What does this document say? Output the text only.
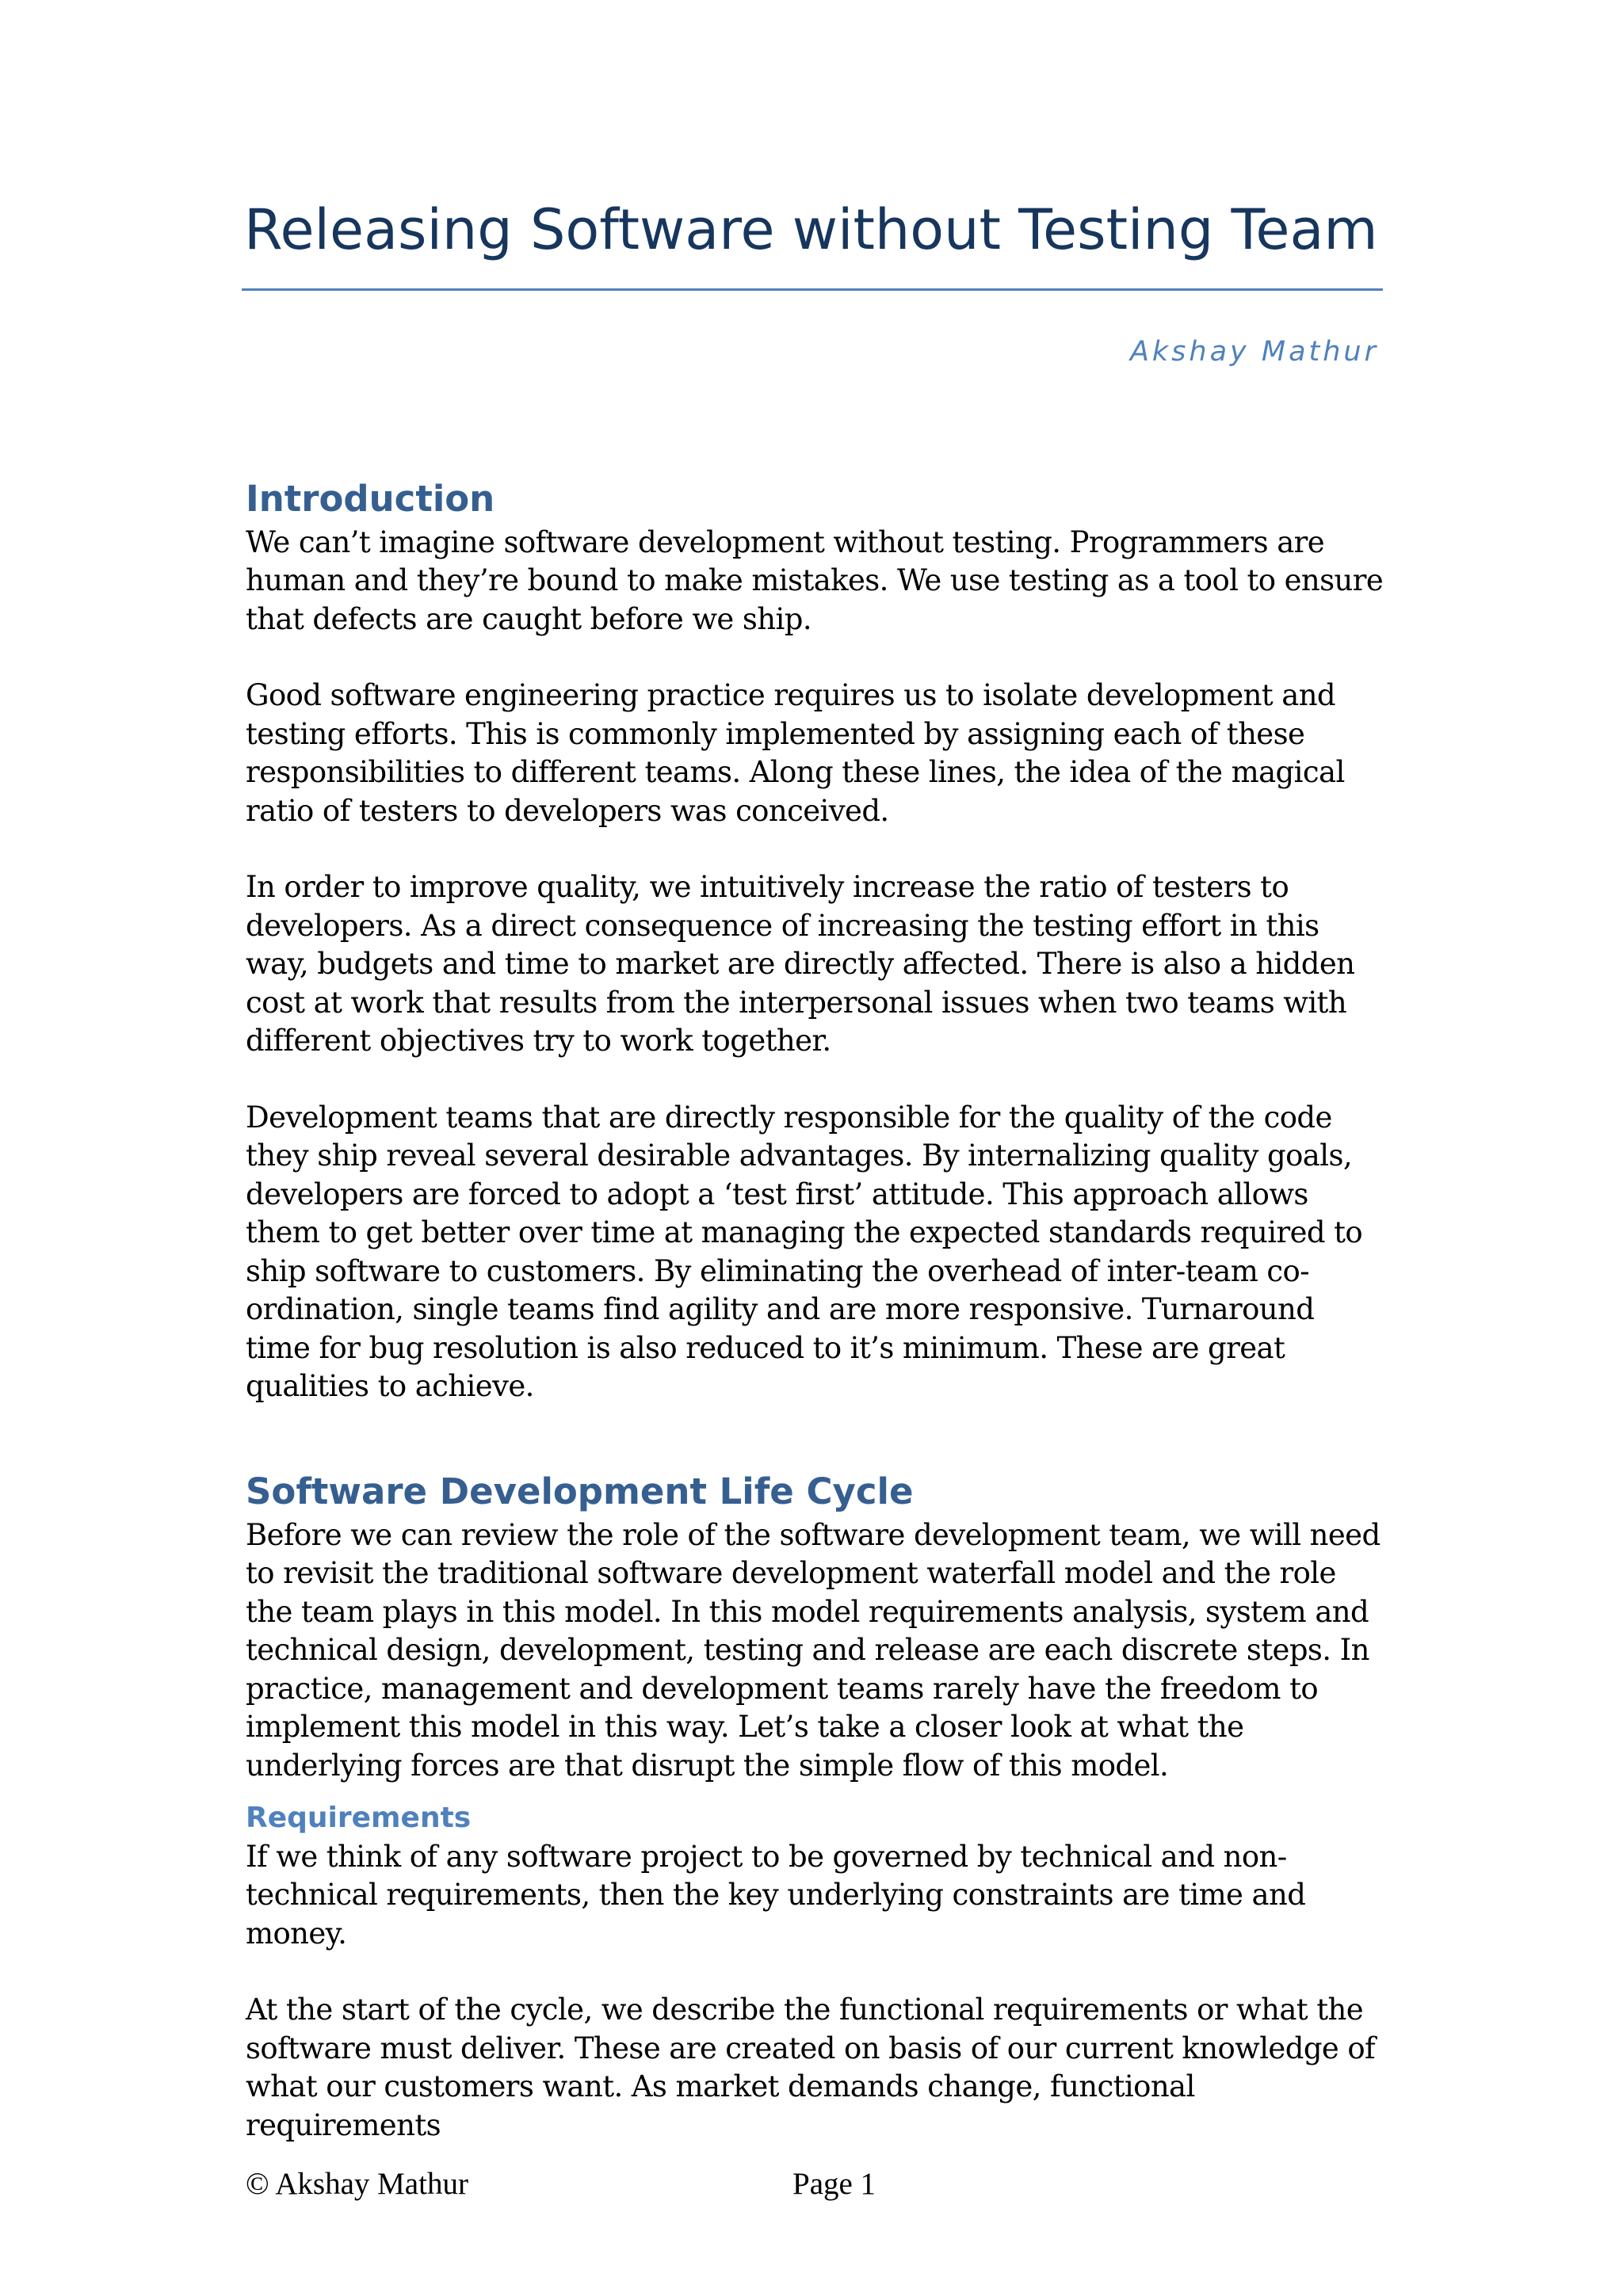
Releasing Software without Testing Team
Akshay Mathur
Introduction

We can’t imagine software development without testing. Programmers are human and they’re bound to make mistakes. We use testing as a tool to ensure that defects are caught before we ship.

Good software engineering practice requires us to isolate development and testing efforts. This is commonly implemented by assigning each of these responsibilities to different teams. Along these lines, the idea of the magical ratio of testers to developers was conceived.

In order to improve quality, we intuitively increase the ratio of testers to developers. As a direct consequence of increasing the testing effort in this way, budgets and time to market are directly affected. There is also a hidden cost at work that results from the interpersonal issues when two teams with different objectives try to work together.

Development teams that are directly responsible for the quality of the code they ship reveal several desirable advantages. By internalizing quality goals, developers are forced to adopt a ‘test first’ attitude. This approach allows them to get better over time at managing the expected standards required to ship software to customers. By eliminating the overhead of inter-team co-ordination, single teams find agility and are more responsive. Turnaround time for bug resolution is also reduced to it’s minimum. These are great qualities to achieve.

Software Development Life Cycle

Before we can review the role of the software development team, we will need to revisit the traditional software development waterfall model and the role the team plays in this model. In this model requirements analysis, system and technical design, development, testing and release are each discrete steps. In practice, management and development teams rarely have the freedom to implement this model in this way. Let’s take a closer look at what the underlying forces are that disrupt the simple flow of this model.

Requirements

If we think of any software project to be governed by technical and non-technical requirements, then the key underlying constraints are time and money.

At the start of the cycle, we describe the functional requirements or what the software must deliver. These are created on basis of our current knowledge of what our customers want. As market demands change, functional requirements

© Akshay Mathur	Page 1
